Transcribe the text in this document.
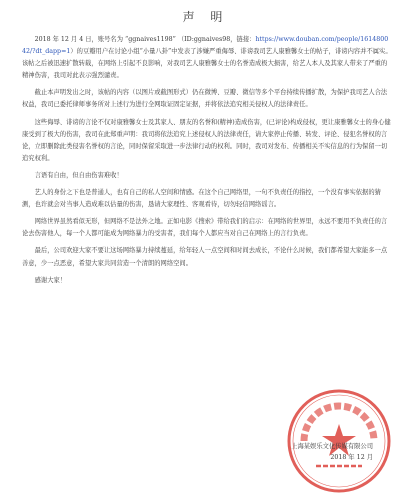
声 明

2018 年 12 月 4 日，账号名为 “ggnaives1198” （ID:ggnaives98，链接：https://www.douban.com/people/161480042/?dt_dapp=1）的豆瓣用户在讨论小组“小量八卦”中发表了涉嫌严重侮辱、诽谤我司艺人康雅馨女士的帖子，诽谤内容并不属实。该帖之后被迅速扩散转载，在网络上引起不良影响，对我司艺人康雅馨女士的名誉造成极大损害，给艺人本人及其家人带来了严重的精神伤害，我司对此表示强烈谴责。

截止本声明发出之时，该帖的内容（以图片或截图形式）仍在微博、豆瓣、微信等多个平台持续传播扩散，为保护我司艺人合法权益，我司已委托律师事务所对上述行为进行全网取证固定证据，并将依法追究相关侵权人的法律责任。

这些侮辱、诽谤的言论不仅对康雅馨女士及其家人、朋友的名誉和(精神)造成伤害，(已评论)构成侵权，更让康雅馨女士的身心健康受到了极大的伤害，我司在此郑重声明：我司将依法追究上述侵权人的法律责任，请大家停止传播、转发、评论、侵犯名誉权的言论，立即删除此类侵害名誉权的言论，同时保留采取进一步法律行动的权利。同时，我司对发布、传播相关不实信息的行为保留一切追究权利。

言语有自由，但自由伤害难收！

艺人的身份之下也是普通人，也有自己的私人空间和情感。在这个自己网络里，一句不负责任的指控，一个没有事实依据的猜测，也许就会对当事人造成难以估量的伤害，恳请大家理性、客观看待，切勿轻信网络谣言。

网络世界虽然看似无形，但网络不是法外之地。正如电影《搜索》带给我们的启示：在网络的世界里，永远不要用不负责任的言论去伤害他人，每一个人都可能成为网络暴力的受害者，我们每个人都应当对自己在网络上的言行负责。

最后，公司欢迎大家不要让这场网络暴力持续蔓延，给年轻人一点空间和时间去成长，不论什么时候，我们都希望大家能多一点善意，少一点恶意，希望大家共同营造一个清朗的网络空间。

感谢大家！

上海某娱乐文化传媒有限公司
2018 年 12 月
